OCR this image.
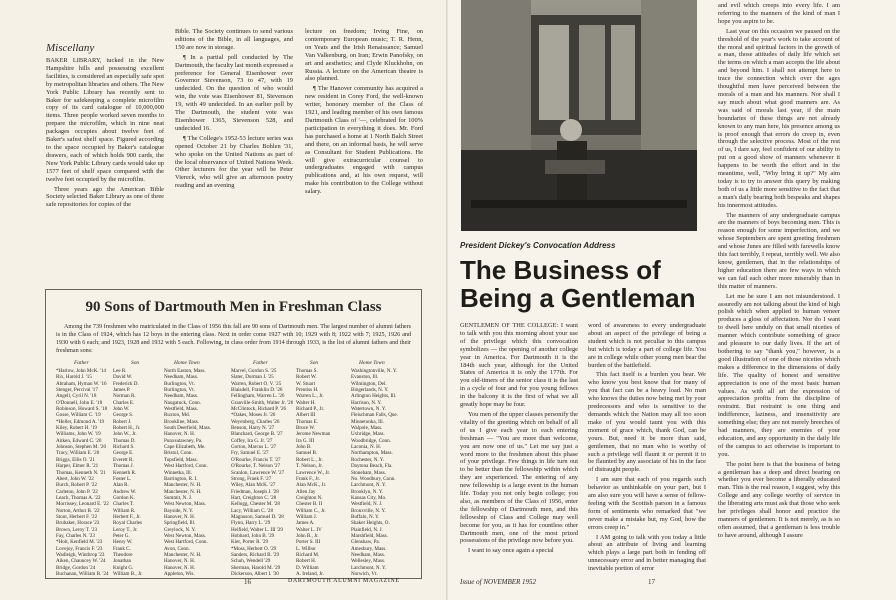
Miscellany

BAKER LIBRARY, tucked in the New Hampshire hills and possessing excellent facilities, is considered an especially safe spot by metropolitan libraries and others. The New York Public Library has recently sent to Baker for safekeeping a complete microfilm copy of its card catalogue of 10,000,000 items. Three people worked seven months to prepare the microfilm, which in nine neat packages occupies about twelve feet of Baker's safest shelf space. Figured according to the space occupied by Baker's catalogue drawers, each of which holds 900 cards, the New York Public Library cards would take up 1577 feet of shelf space compared with the twelve feet occupied by the microfilm.

Three years ago the American Bible Society selected Baker Library as one of three safe repositories for copies of the

Bible. The Society continues to send various editions of the Bible, in all languages, and 150 are now in storage.

¶ In a partial poll conducted by The Dartmouth, the faculty last month expressed a preference for General Eisenhower over Governor Stevenson, 73 to 47, with 19 undecided. On the question of who would win, the vote was Eisenhower 81, Stevenson 19, with 49 undecided. In an earlier poll by The Dartmouth, the student vote was Eisenhower 1365, Stevenson 528, and undecided 16.

¶ The College's 1952-53 lecture series was opened October 21 by Charles Bohlen '31, who spoke on the United Nations as part of the local observance of United Nations Week. Other lecturers for the year will be Peter Viereck, who will give an afternoon poetry reading and an evening

lecture on freedom; Irving Fine, on contemporary European music; T. R. Henn, on Yeats and the Irish Renaissance; Samuel Van Valkenburg, on Iran; Erwin Panofsky, on art and aesthetics; and Clyde Kluckhohn, on Russia. A lecture on the American theatre is also planned.

¶ The Hanover community has acquired a new resident in Corey Ford, the well-known writer, honorary member of the Class of 1921, and leading member of his own famous Dartmouth Class of '—, celebrated for 100% participation in everything it does. Mr. Ford has purchased a home at 1 North Balch Street and there, on an informal basis, he will serve as Consultant for Student Publications. He will give extracurricular counsel to undergraduates engaged with campus publications and, at his own request, will make his contribution to the College without salary.

90 Sons of Dartmouth Men in Freshman Class

Among the 739 freshmen who matriculated in the Class of 1956 this fall are 90 sons of Dartmouth men. The largest number of alumni fathers is in the Class of 1924, which has 12 boys in the entering class. Next in order come 1927 with 10; 1929 with 8; 1922 with 7; 1925, 1926 and 1930 with 6 each; and 1923, 1928 and 1932 with 5 each. Following, in class order from 1914 through 1933, is the list of alumni fathers and their freshman sons:

Father
*Harlow, John McK. '14
Rix, Harold J. '15
Abraham, Hyman W. '16
Stenger, Percival '17
Angell, Cyril N. '18
O'Donnell, John E. '18
Robinson, Howard S. '18
Gosse, William C. '19
*Heller, Edmond A. '19
Kiley, Robert H. '19
Williams, John W. '19
Aitken, Edward C. '20
Johnson, Stephen M. '20
Tracy, William E. '20
Briggs, Ellis O. '21
Harper, Elmer R. '21
Thomas, Kenneth N. '21
Abert, John W. '22
Burch, Robert P. '22
Carleton, John P. '22
Leach, Thomas A. '22
Morrissey, Leonard E. '22
Norton, Arthur B. '22
Stout, Herbert F. '22
Brubaker, Horace '23
Brown, Leroy T. '23
Fay, Charles N. '23
*Holt, Kenfield M. '23
Lovejoy, Francis F. '23
Wadleigh, Winthrop '23
Aiken, Chauncey W. '24
Bridge, Gordon '24
Buchanan, William B. '24
Son
Lee R.
David W.
Frederick D.
James P.
Norman R.
Charles E.
John W.
George S.
Robert J.
Robert H., Jr.
John W., Jr.
Thomas D.
Richard S.
George E.
Everett R.
Thomas J.
Kenneth R.
Foster L.
Alan R.
Andrew W.
Gordon K.
Charles T.
William R.
Herbert F., Jr.
Royal Charles
Leroy T., Jr.
Peter G.
Henry W.
Frank C.
Theodore
Jonathan
Knight G.
William B., Jr.
Home Town
North Easton, Mass.
Needham, Mass.
Burlington, Vt.
Burlington, Vt.
Needham, Mass.
Naugatuck, Conn.
Westfield, Mass.
Ruxton, Md.
Brookline, Mass.
South Deerfield, Mass.
Hanover, N. H.
Punxsutawney, Pa.
Cape Elizabeth, Me.
Bristol, Conn.
Topsfield, Mass.
West Hartford, Conn.
Winnetka, Ill.
Barrington, R. I.
Manchester, N. H.
Manchester, N. H.
Summit, N. J.
West Newton, Mass.
Bayside, N. Y.
Hanover, N. H.
Springfield, Ill.
Greylock, N. Y.
West Newton, Mass.
West Hartford, Conn.
Avon, Conn.
Manchester, N. H.
Hanover, N. H.
Hanover, N. H.
Appleton, Wis.
Father
Marvel, Gordon S. '25
Slater, Dorman J. '25
Warren, Robert O. V. '25
Blaisdell, Franklin D. '26
Fellingham, Warren L. '26
Granville-Smith, Walter Jr. '26
McClintock, Richard P. '26
*Oakes, Moses Jr. '26
Weyenberg, Charles '26
Benson, Harry N. '27
Blanchard, George B. '27
Coffey, Ira G. Jr. '27
Gorton, Marcus L. '27
Fry, Samuel E. '27
O'Rourke, Francis T. '27
O'Rourke, T. Nelson '27
Scanlon, Lawrence W. '27
Strong, Frank F. '27
Wiley, Alan McK. '27
Friedman, Joseph J. '28
Hart, Creighton C. '28
Kellogg, Chester M. '28
Lacy, William C. '28
Magnuson, Samuel D. '28
Flynn, Harry L. '29
Heifield, Walter L. III '29
Hobbard, John B. '29
Kier, Porter R. '29
*Moss, Herbert O. '29
Sanders, Richard B. '29
Schuh, Wendell '29
Sherman, Harold M. '29
Dickerson, Albert I. '30
Son
Thomas S.
Robert W.
W. Stuart
Prentiss H.
Warren L., Jr.
Walter H.
Richard P., Jr.
Albert III
Thomas E.
Bruce W.
Jerome Newman
Ira G. III
John B.
Samuel B.
Robert L., Jr.
T. Nelson, Jr.
Lawrence W., Jr.
Frank F., Jr.
Alan McK., Jr.
Allen Jay
Creighton N.
Chester B. II
William C., Jr.
William J.
James A.
Walter L. IV
John B., Jr.
Porter S. III
L. Wilbur
Richard M.
Robert H.
D. William
A. Ireland, Jr.
Home Town
Washingtonville, N. Y.
Evanston, Ill.
Wilmington, Del.
Bingerlands, N. Y.
Arlington Heights, Ill.
Harrison, N. Y.
Watertown, N. Y.
Fleischman Falls, Que.
Minnetonka, Ill.
Walpole, Mass.
Uxbridge, Mass.
Woodbridge, Conn.
Laconia, N. H.
Northampton, Mass.
Rochester, N. Y.
Daytona Beach, Fla.
Stoneham, Mass.
No. Woodbury, Conn.
Larchmont, N. Y.
Brooklyn, N. Y.
Kansas City, Mo.
Westfield, N. J.
Bronxville, N. Y.
Buffalo, N. Y.
Shaker Heights, O.
Plainfield, N. J.
Marshfield, Mass.
Glenshaw, Pa.
Amesbury, Mass.
Needham, Mass.
Wellesley, Mass.
Larchmont, N. Y.
Norwich, Vt.
16	DARTMOUTH ALUMNI MAGAZINE

President Dickey's Convocation Address

The Business of
Being a Gentleman

GENTLEMEN OF THE COLLEGE: I want to talk with you this morning about your use of the privilege which this convocation symbolizes — the opening of another college year in America. For Dartmouth it is the 184th such year, although for the United States of America it is only the 177th. For you old-timers of the senior class it is the last in a cycle of four and for you young fellows in the balcony it is the first of what we all greatly hope may be four.

You men of the upper classes personify the vitality of the greeting which on behalf of all of us I give each year to each entering freshman — "You are more than welcome, you are now one of us." Let me say just a word more to the freshmen about this phase of your privilege. Few things in life turn out to be better than the fellowship within which they are experienced. The entering of any new fellowship is a large event in the human life. Today you not only begin college; you also, as members of the Class of 1956, enter the fellowship of Dartmouth men, and this fellowship of Class and College may well become for you, as it has for countless other Dartmouth men, one of the most prized possessions of the privilege now before you.

I want to say once again a special

word of awareness to every undergraduate about an aspect of the privilege of being a student which is not peculiar to this campus but which is today a part of college life. You are in college while other young men bear the burden of the battlefield.

This fact itself is a burden you bear. We who know you best know that for many of you that fact can be a heavy load. No man who knows the duties now being met by your predecessors and who is sensitive to the demands which the Nation may all too soon make of you would taunt you with this moment of grace which, thank God, can be yours. But, need it be more than said, gentlemen, that no man who is worthy of such a privilege will flaunt it or permit it to be flaunted by any associate of his in the face of distraught people.

I am sure that each of you regards such behavior as unthinkable on your part, but I am also sure you will have a sense of fellow-feeling with the Scottish parson in a famous form of sentiments who remarked that "we never make a mistake but, my God, how the errors creep in."

I AM going to talk with you today a little about an attribute of living and learning which plays a large part both in fending off unnecessary error and in better managing that inevitable portion of error

and evil which creeps into every life. I am referring to the manners of the kind of man I hope you aspire to be.

Last year on this occasion we paused on the threshold of the year's work to take account of the moral and spiritual factors in the growth of a man, those attitudes of daily life which set the terms on which a man accepts the life about and beyond him. I shall not attempt here to trace the connection which over the ages thoughtful men have perceived between the morals of a man and his manners. Nor shall I say much about what good manners are. As was said of morals last year, if the main boundaries of these things are not already known to any man here, his presence among us is proof enough that errors do creep in, even through the selective process. Most of the rest of us, I dare say, feel confident of our ability to put on a good show of manners whenever it happens to be worth the effort and in the meantime, well, "Why bring it up?" My aim today is to try to answer this query by making both of us a little more sensitive to the fact that a man's daily bearing both bespeaks and shapes his innermost attitudes.

The manners of any undergraduate campus are the manners of boys becoming men. This is reason enough for some imperfection, and we whose Septembers are spent greeting freshmen and whose Junes are filled with farewells know this fact terribly, I repeat, terribly well. We also know, gentlemen, that in the relationships of higher education there are few ways in which we can fail each other more miserably than in this matter of manners.

Let me be sure I am not misunderstood. I assuredly am not talking about the kind of high polish which when applied to human veneer produces a gloss of affectation. Nor do I want to dwell here unduly on that small niceties of manner which contribute something of grace and pleasure to our daily lives. If the art of bothering to say "thank you," however, is a good illustration of one of those niceties which makes a difference in the dimensions of daily life. The quality of honest and sensitive appreciation is one of the most basic human values. As with all art the expression of appreciation profits from the discipline of restraint. But restraint is one thing and indifference, laziness, and insensitivity are something else; they are not merely breeches of bad manners, they are enemies of your education, and any opportunity in the daily life of the campus to act otherwise is important to you.

The point here is that the business of being a gentleman has a deep and direct bearing on whether you ever become a liberally educated man. This is the real reason, I suggest, why this College and any college worthy of service in the liberating arts must ask that those who seek her privileges shall honor and practice the manners of gentlemen. It is not merely, as is so often assumed, that a gentleman is less trouble to have around, although I assure

Issue of NOVEMBER 1952	17
